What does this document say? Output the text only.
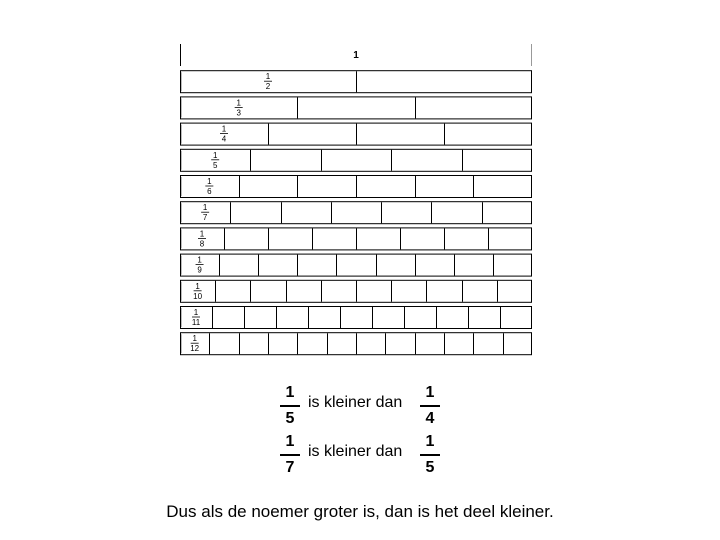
1
1
2
1
3
1
4
1
5
1
6
1
7
1
8
1
9
1
10
1
11
1
12
1
5
is kleiner dan
1
4
1
7
is kleiner dan
1
5
Dus als de noemer groter is, dan is het deel kleiner.
